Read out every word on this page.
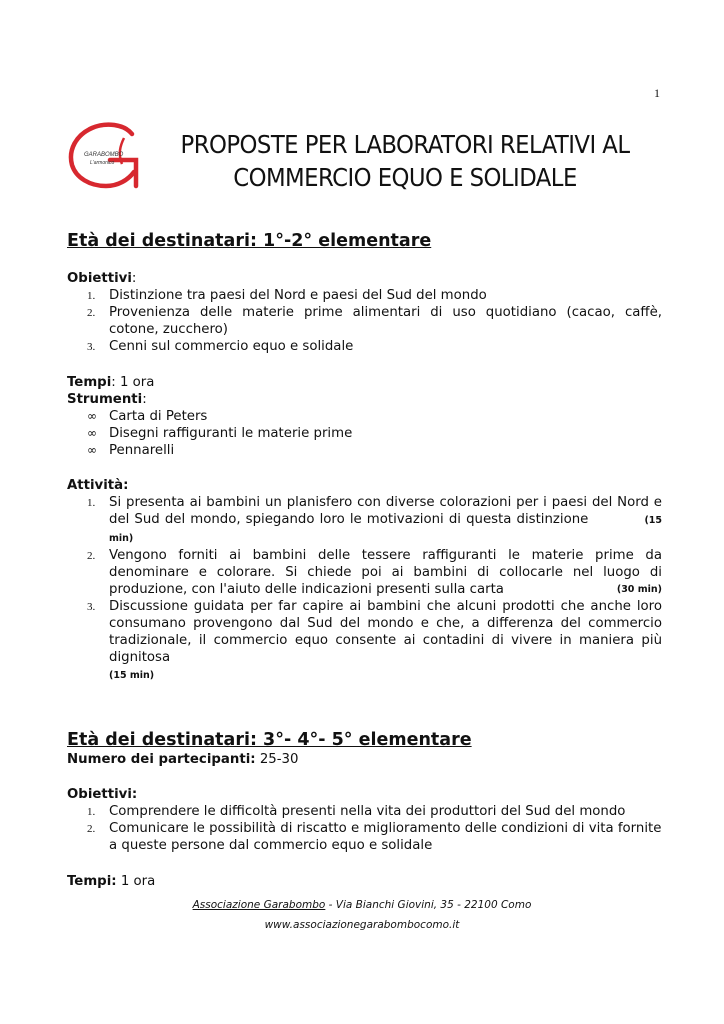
1
GARABOMBO
L'armonico
PROPOSTE PER LABORATORI RELATIVI AL
COMMERCIO EQUO E SOLIDALE
Età dei destinatari: 1°-2° elementare
Obiettivi:
1. Distinzione tra paesi del Nord e paesi del Sud del mondo
2. Provenienza delle materie prime alimentari di uso quotidiano (cacao, caffè, cotone, zucchero)
3. Cenni sul commercio equo e solidale
Tempi: 1 ora
Strumenti:
∞ Carta di Peters
∞ Disegni raffiguranti le materie prime
∞ Pennarelli
Attività:
1. Si presenta ai bambini un planisfero con diverse colorazioni per i paesi del Nord e del Sud del mondo, spiegando loro le motivazioni di questa distinzione	(15 min)
2. Vengono forniti ai bambini delle tessere raffiguranti le materie prime da denominare e colorare. Si chiede poi ai bambini di collocarle nel luogo di produzione, con l'aiuto delle indicazioni presenti sulla carta	(30 min)
3. Discussione guidata per far capire ai bambini che alcuni prodotti che anche loro consumano provengono dal Sud del mondo e che, a differenza del commercio tradizionale, il commercio equo consente ai contadini di vivere in maniera più dignitosa
(15 min)
Età dei destinatari: 3°- 4°- 5° elementare
Numero dei partecipanti: 25-30
Obiettivi:
1. Comprendere le difficoltà presenti nella vita dei produttori del Sud del mondo
2. Comunicare le possibilità di riscatto e miglioramento delle condizioni di vita fornite a queste persone dal commercio equo e solidale
Tempi: 1 ora
Associazione Garabombo - Via Bianchi Giovini, 35 - 22100 Como
www.associazionegarabombocomo.it
